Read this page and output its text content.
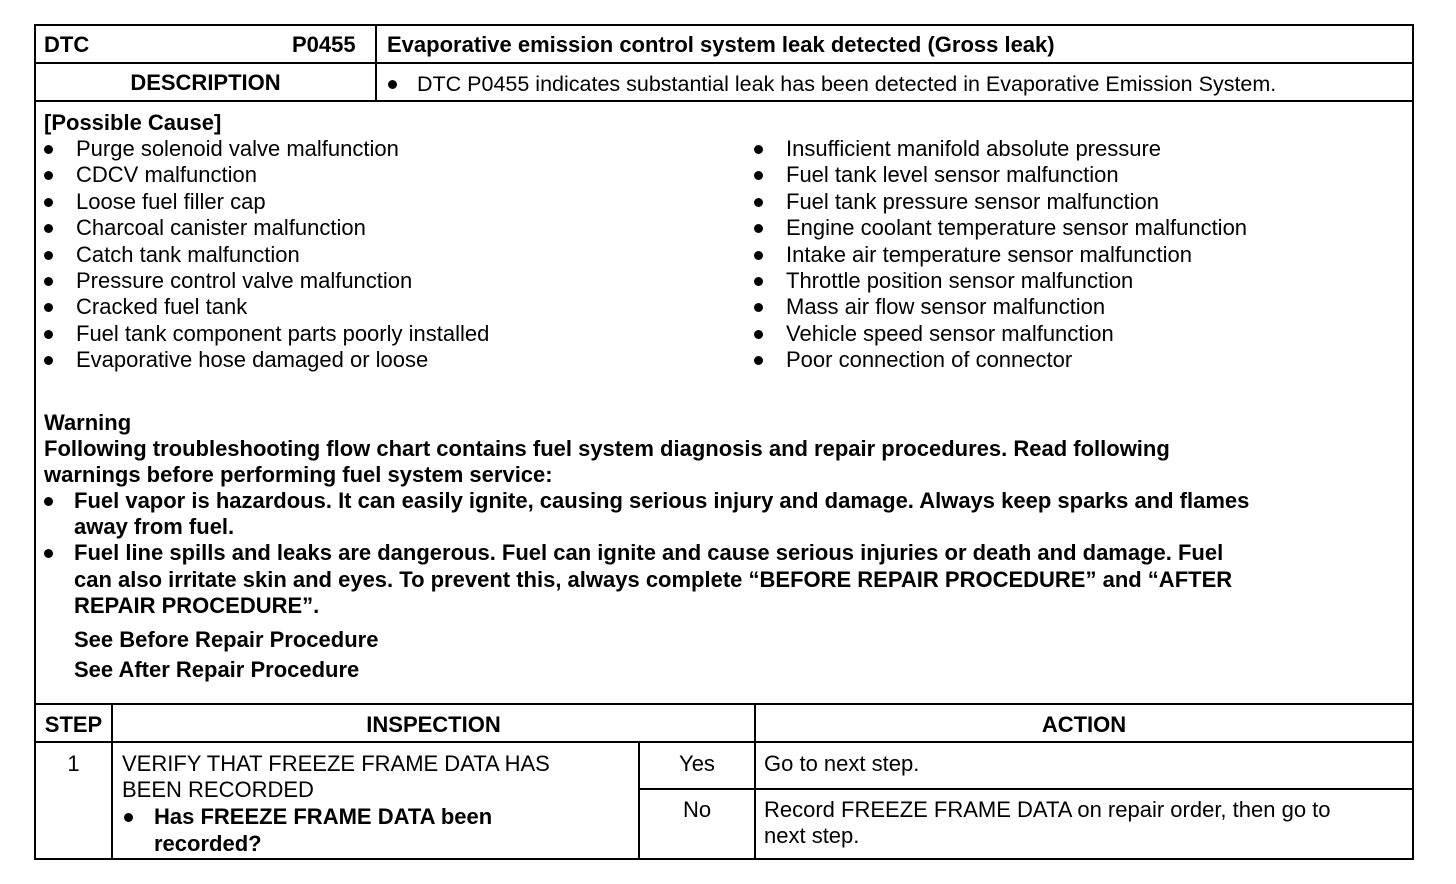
DTC	P0455 Evaporative emission control system leak detected (Gross leak)
DESCRIPTION	DTC P0455 indicates substantial leak has been detected in Evaporative Emission System.
[Possible Cause]
Purge solenoid valve malfunction
CDCV malfunction
Loose fuel filler cap
Charcoal canister malfunction
Catch tank malfunction
Pressure control valve malfunction
Cracked fuel tank
Fuel tank component parts poorly installed
Evaporative hose damaged or loose
Insufficient manifold absolute pressure
Fuel tank level sensor malfunction
Fuel tank pressure sensor malfunction
Engine coolant temperature sensor malfunction
Intake air temperature sensor malfunction
Throttle position sensor malfunction
Mass air flow sensor malfunction
Vehicle speed sensor malfunction
Poor connection of connector
Warning
Following troubleshooting flow chart contains fuel system diagnosis and repair procedures. Read following
warnings before performing fuel system service:
Fuel vapor is hazardous. It can easily ignite, causing serious injury and damage. Always keep sparks and flames
away from fuel.
Fuel line spills and leaks are dangerous. Fuel can ignite and cause serious injuries or death and damage. Fuel
can also irritate skin and eyes. To prevent this, always complete “BEFORE REPAIR PROCEDURE” and “AFTER
REPAIR PROCEDURE”.
See Before Repair Procedure
See After Repair Procedure
STEP	INSPECTION	ACTION
1	VERIFY THAT FREEZE FRAME DATA HAS
BEEN RECORDED
Has FREEZE FRAME DATA been
recorded?
Yes	Go to next step.
No	Record FREEZE FRAME DATA on repair order, then go to
next step.
